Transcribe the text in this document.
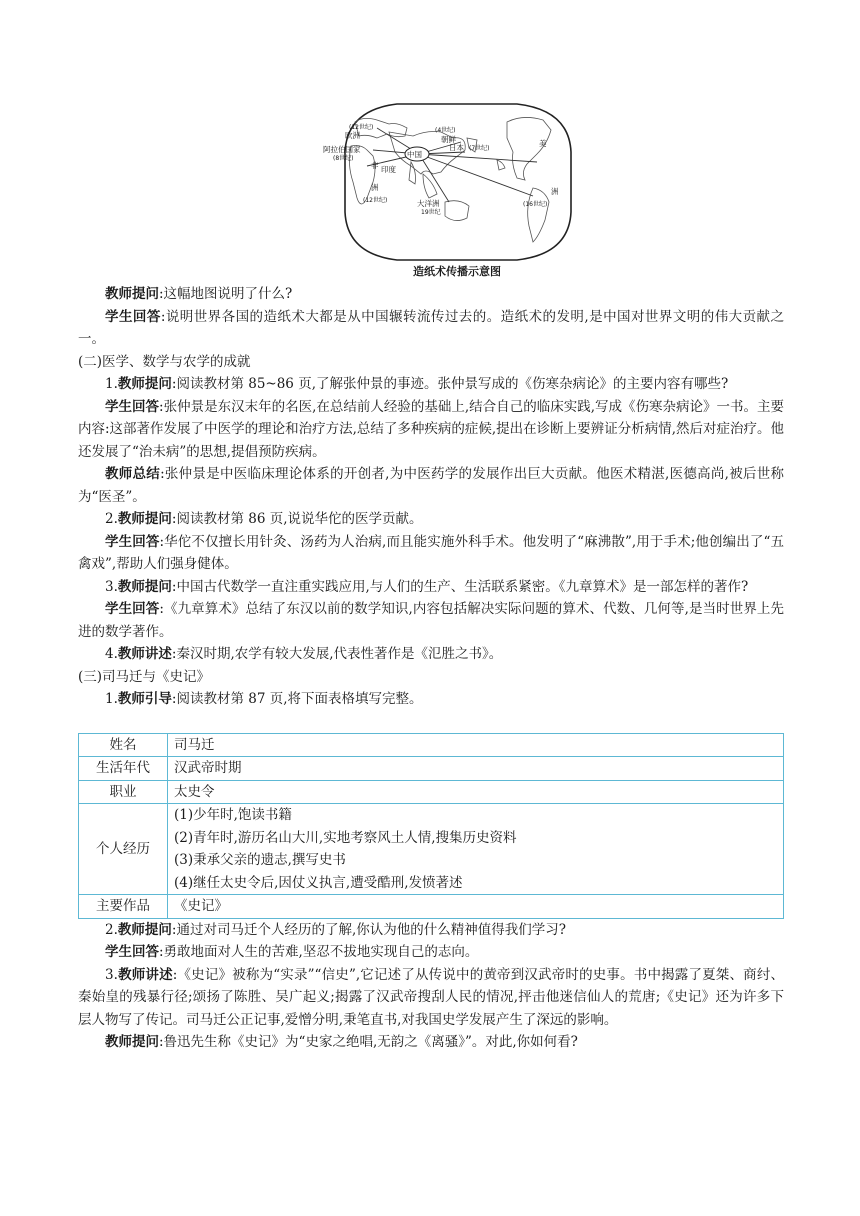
中国
欧洲
(12世纪)
阿拉伯国家
(8世纪)
非
洲
(12世纪)
印度
朝鲜
日本
(4世纪)
(7世纪)
大洋洲
19世纪
美
洲
(16世纪)
造纸术传播示意图

教师提问:这幅地图说明了什么?

学生回答:说明世界各国的造纸术大都是从中国辗转流传过去的。造纸术的发明,是中国对世界文明的伟大贡献之一。

(二)医学、数学与农学的成就

1.教师提问:阅读教材第 85~86 页,了解张仲景的事迹。张仲景写成的《伤寒杂病论》的主要内容有哪些?

学生回答:张仲景是东汉末年的名医,在总结前人经验的基础上,结合自己的临床实践,写成《伤寒杂病论》一书。主要内容:这部著作发展了中医学的理论和治疗方法,总结了多种疾病的症候,提出在诊断上要辨证分析病情,然后对症治疗。他还发展了“治未病”的思想,提倡预防疾病。

教师总结:张仲景是中医临床理论体系的开创者,为中医药学的发展作出巨大贡献。他医术精湛,医德高尚,被后世称为“医圣”。

2.教师提问:阅读教材第 86 页,说说华佗的医学贡献。

学生回答:华佗不仅擅长用针灸、汤药为人治病,而且能实施外科手术。他发明了“麻沸散”,用于手术;他创编出了“五禽戏”,帮助人们强身健体。

3.教师提问:中国古代数学一直注重实践应用,与人们的生产、生活联系紧密。《九章算术》是一部怎样的著作?

学生回答:《九章算术》总结了东汉以前的数学知识,内容包括解决实际问题的算术、代数、几何等,是当时世界上先进的数学著作。

4.教师讲述:秦汉时期,农学有较大发展,代表性著作是《氾胜之书》。

(三)司马迁与《史记》

1.教师引导:阅读教材第 87 页,将下面表格填写完整。

姓名	司马迁
生活年代	汉武帝时期
职业	太史令
个人经历	(1)少年时,饱读书籍
(2)青年时,游历名山大川,实地考察风土人情,搜集历史资料
(3)秉承父亲的遗志,撰写史书
(4)继任太史令后,因仗义执言,遭受酷刑,发愤著述

主要作品	《史记》

2.教师提问:通过对司马迁个人经历的了解,你认为他的什么精神值得我们学习?

学生回答:勇敢地面对人生的苦难,坚忍不拔地实现自己的志向。

3.教师讲述:《史记》被称为“实录”“信史”,它记述了从传说中的黄帝到汉武帝时的史事。书中揭露了夏桀、商纣、秦始皇的残暴行径;颂扬了陈胜、吴广起义;揭露了汉武帝搜刮人民的情况,抨击他迷信仙人的荒唐;《史记》还为许多下层人物写了传记。司马迁公正记事,爱憎分明,秉笔直书,对我国史学发展产生了深远的影响。

教师提问:鲁迅先生称《史记》为“史家之绝唱,无韵之《离骚》”。对此,你如何看?
